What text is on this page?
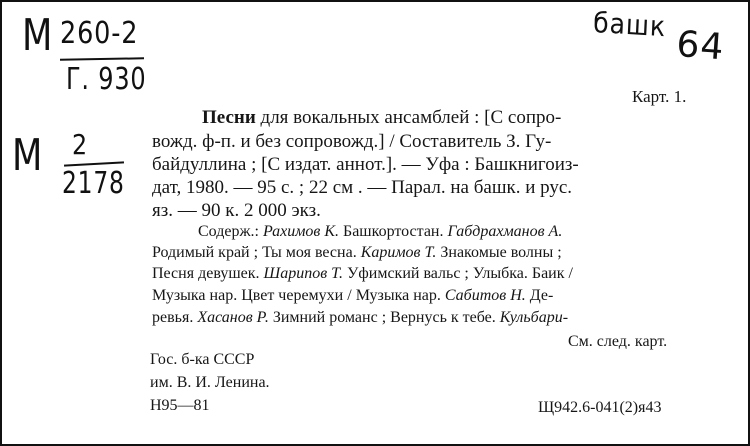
М 260-2
Г. 930
М 2
2178
башк 64
Карт. 1.
Песни для вокальных ансамблей : [С сопро-
вожд. ф-п. и без сопровожд.] / Составитель З. Гу-
байдуллина ; [С издат. аннот.]. — Уфа : Башкнигоиз-
дат, 1980. — 95 с. ; 22 см . — Парал. на башк. и рус.
яз. — 90 к. 2 000 экз.
Содерж.: Рахимов К. Башкортостан. Габдрахманов А.
Родимый край ; Ты моя весна. Каримов Т. Знакомые волны ;
Песня девушек. Шарипов Т. Уфимский вальс ; Улыбка. Баик /
Музыка нар. Цвет черемухи / Музыка нар. Сабитов Н. Де-
ревья. Хасанов Р. Зимний романс ; Вернусь к тебе. Кульбари-
См. след. карт.
Гос. б-ка СССР
им. В. И. Ленина.
Н95—81	Щ942.6-041(2)я43
